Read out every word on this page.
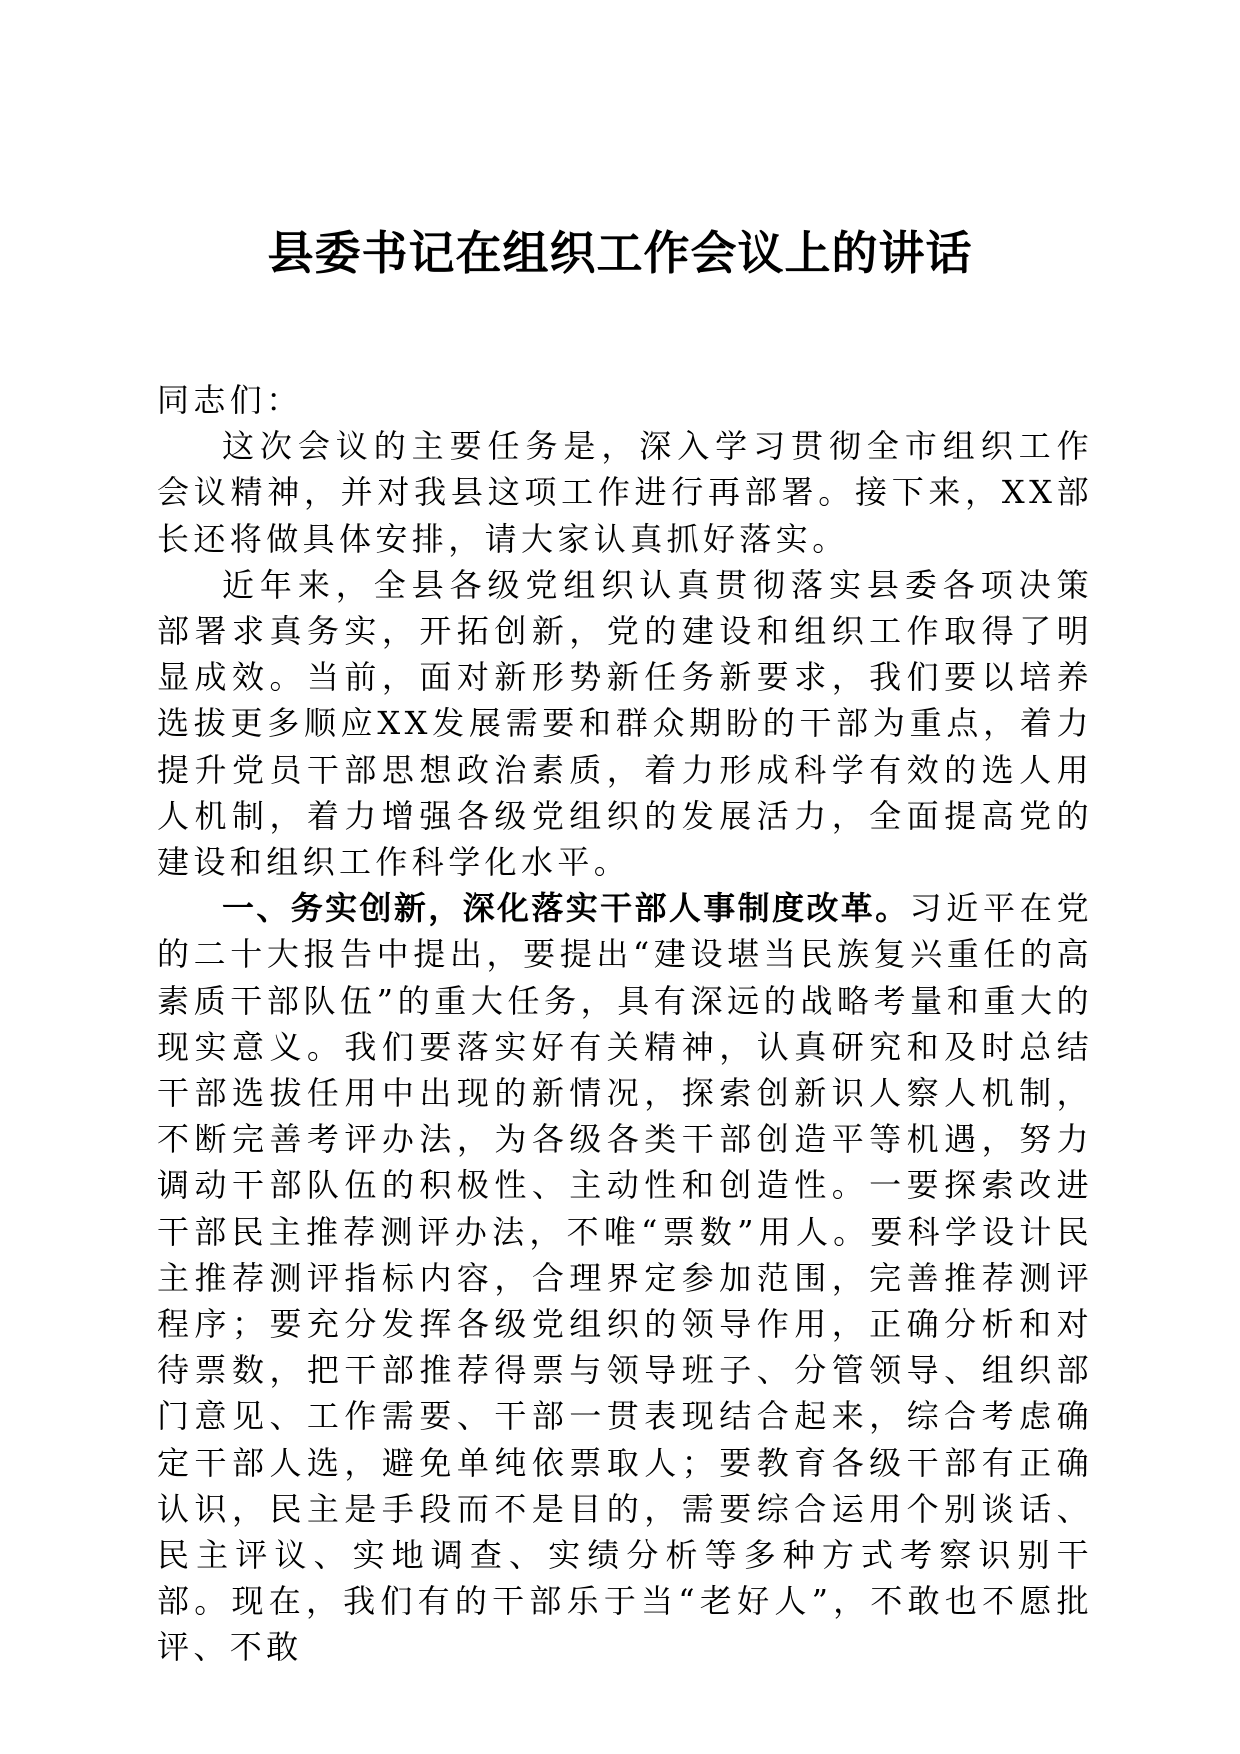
县委书记在组织工作会议上的讲话

同志们：

这次会议的主要任务是，深入学习贯彻全市组织工作会议精神，并对我县这项工作进行再部署。接下来，XX部长还将做具体安排，请大家认真抓好落实。

近年来，全县各级党组织认真贯彻落实县委各项决策部署求真务实，开拓创新，党的建设和组织工作取得了明显成效。当前，面对新形势新任务新要求，我们要以培养选拔更多顺应XX发展需要和群众期盼的干部为重点，着力提升党员干部思想政治素质，着力形成科学有效的选人用人机制，着力增强各级党组织的发展活力，全面提高党的建设和组织工作科学化水平。

一、务实创新，深化落实干部人事制度改革。习近平在党的二十大报告中提出，要提出“建设堪当民族复兴重任的高素质干部队伍”的重大任务，具有深远的战略考量和重大的现实意义。我们要落实好有关精神，认真研究和及时总结干部选拔任用中出现的新情况，探索创新识人察人机制，不断完善考评办法，为各级各类干部创造平等机遇，努力调动干部队伍的积极性、主动性和创造性。一要探索改进干部民主推荐测评办法，不唯“票数”用人。要科学设计民主推荐测评指标内容，合理界定参加范围，完善推荐测评程序；要充分发挥各级党组织的领导作用，正确分析和对待票数，把干部推荐得票与领导班子、分管领导、组织部门意见、工作需要、干部一贯表现结合起来，综合考虑确定干部人选，避免单纯依票取人；要教育各级干部有正确认识，民主是手段而不是目的，需要综合运用个别谈话、民主评议、实地调查、实绩分析等多种方式考察识别干部。现在，我们有的干部乐于当“老好人”，不敢也不愿批评、不敢
